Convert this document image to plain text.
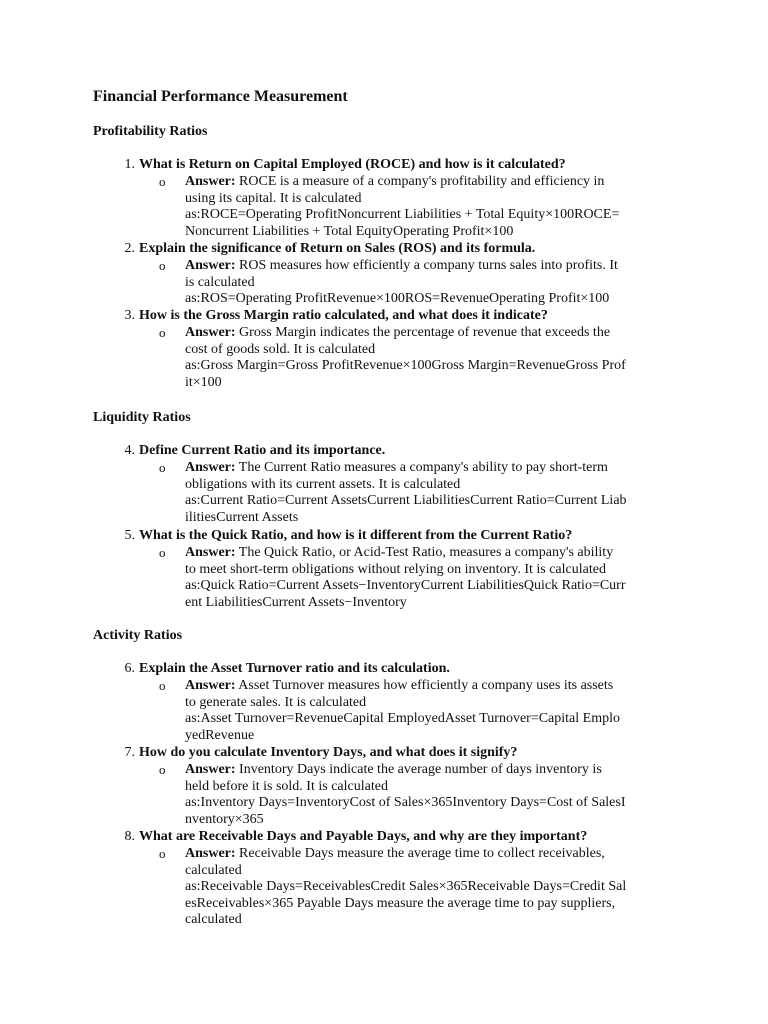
Financial Performance Measurement
Profitability Ratios
1. What is Return on Capital Employed (ROCE) and how is it calculated?
o Answer: ROCE is a measure of a company's profitability and efficiency in
using its capital. It is calculated
as:ROCE=Operating ProfitNoncurrent Liabilities + Total Equity×100ROCE=
Noncurrent Liabilities + Total EquityOperating Profit×100
2. Explain the significance of Return on Sales (ROS) and its formula.
o Answer: ROS measures how efficiently a company turns sales into profits. It
is calculated
as:ROS=Operating ProfitRevenue×100ROS=RevenueOperating Profit×100
3. How is the Gross Margin ratio calculated, and what does it indicate?
o Answer: Gross Margin indicates the percentage of revenue that exceeds the
cost of goods sold. It is calculated
as:Gross Margin=Gross ProfitRevenue×100Gross Margin=RevenueGross Prof
it×100
Liquidity Ratios
4. Define Current Ratio and its importance.
o Answer: The Current Ratio measures a company's ability to pay short-term
obligations with its current assets. It is calculated
as:Current Ratio=Current AssetsCurrent LiabilitiesCurrent Ratio=Current Liab
ilitiesCurrent Assets
5. What is the Quick Ratio, and how is it different from the Current Ratio?
o Answer: The Quick Ratio, or Acid-Test Ratio, measures a company's ability
to meet short-term obligations without relying on inventory. It is calculated
as:Quick Ratio=Current Assets−InventoryCurrent LiabilitiesQuick Ratio=Curr
ent LiabilitiesCurrent Assets−Inventory
Activity Ratios
6. Explain the Asset Turnover ratio and its calculation.
o Answer: Asset Turnover measures how efficiently a company uses its assets
to generate sales. It is calculated
as:Asset Turnover=RevenueCapital EmployedAsset Turnover=Capital Emplo
yedRevenue
7. How do you calculate Inventory Days, and what does it signify?
o Answer: Inventory Days indicate the average number of days inventory is
held before it is sold. It is calculated
as:Inventory Days=InventoryCost of Sales×365Inventory Days=Cost of SalesI
nventory×365
8. What are Receivable Days and Payable Days, and why are they important?
o Answer: Receivable Days measure the average time to collect receivables,
calculated
as:Receivable Days=ReceivablesCredit Sales×365Receivable Days=Credit Sal
esReceivables×365 Payable Days measure the average time to pay suppliers,
calculated
